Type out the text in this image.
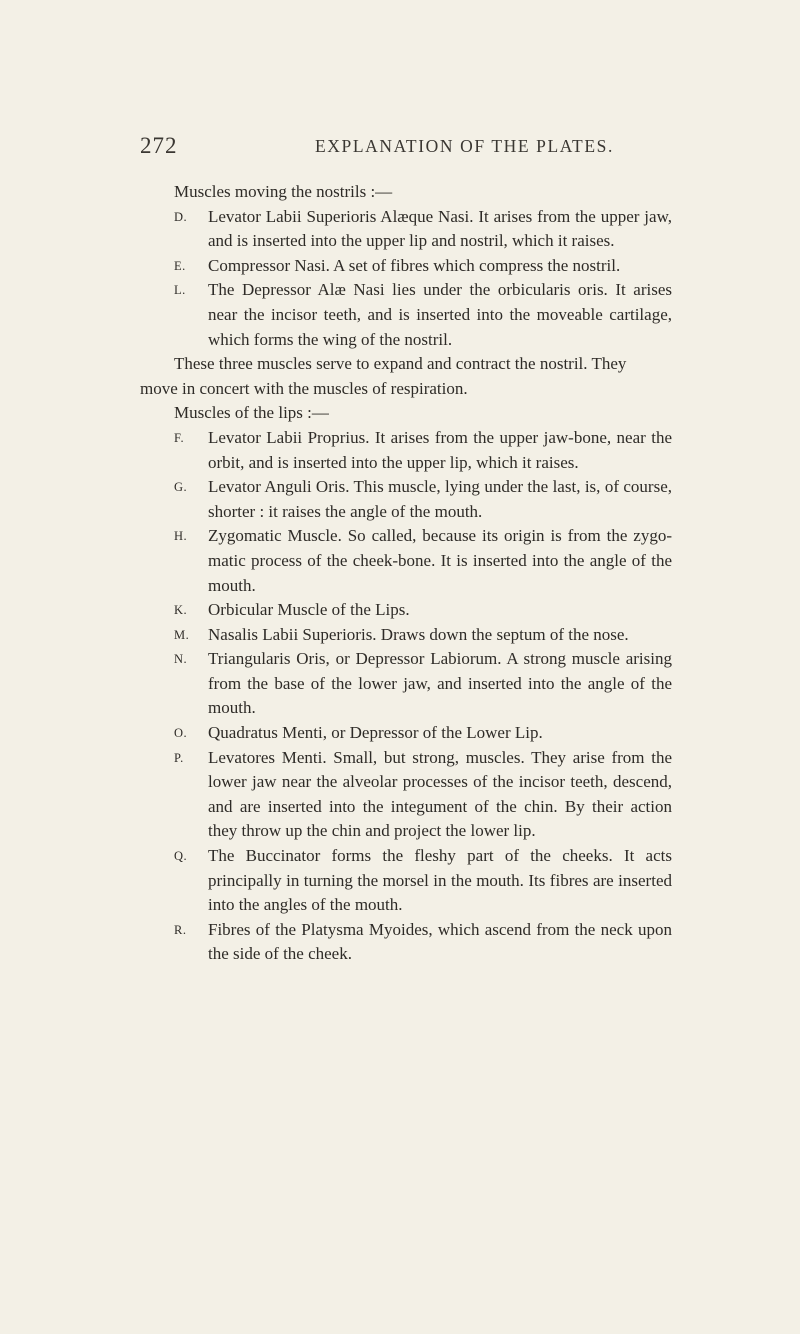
272	EXPLANATION OF THE PLATES.

Muscles moving the nostrils :—

D. Levator Labii Superioris Alæque Nasi. It arises from the upper jaw, and is inserted into the upper lip and nostril, which it raises.
E. Compressor Nasi. A set of fibres which compress the nostril.
L. The Depressor Alæ Nasi lies under the orbicularis oris. It arises near the incisor teeth, and is inserted into the moveable cartilage, which forms the wing of the nostril.

These three muscles serve to expand and contract the nostril. They

move in concert with the muscles of respiration.

Muscles of the lips :—

F. Levator Labii Proprius. It arises from the upper jaw-bone, near the orbit, and is inserted into the upper lip, which it raises.
G. Levator Anguli Oris. This muscle, lying under the last, is, of course, shorter : it raises the angle of the mouth.
H. Zygomatic Muscle. So called, because its origin is from the zygo- matic process of the cheek-bone. It is inserted into the angle of the mouth.
K. Orbicular Muscle of the Lips.
M. Nasalis Labii Superioris. Draws down the septum of the nose.
N. Triangularis Oris, or Depressor Labiorum. A strong muscle arising from the base of the lower jaw, and inserted into the angle of the mouth.
O. Quadratus Menti, or Depressor of the Lower Lip.
P. Levatores Menti. Small, but strong, muscles. They arise from the lower jaw near the alveolar processes of the incisor teeth, descend, and are inserted into the integument of the chin. By their action they throw up the chin and project the lower lip.
Q. The Buccinator forms the fleshy part of the cheeks. It acts principally in turning the morsel in the mouth. Its fibres are inserted into the angles of the mouth.
R. Fibres of the Platysma Myoides, which ascend from the neck upon the side of the cheek.
